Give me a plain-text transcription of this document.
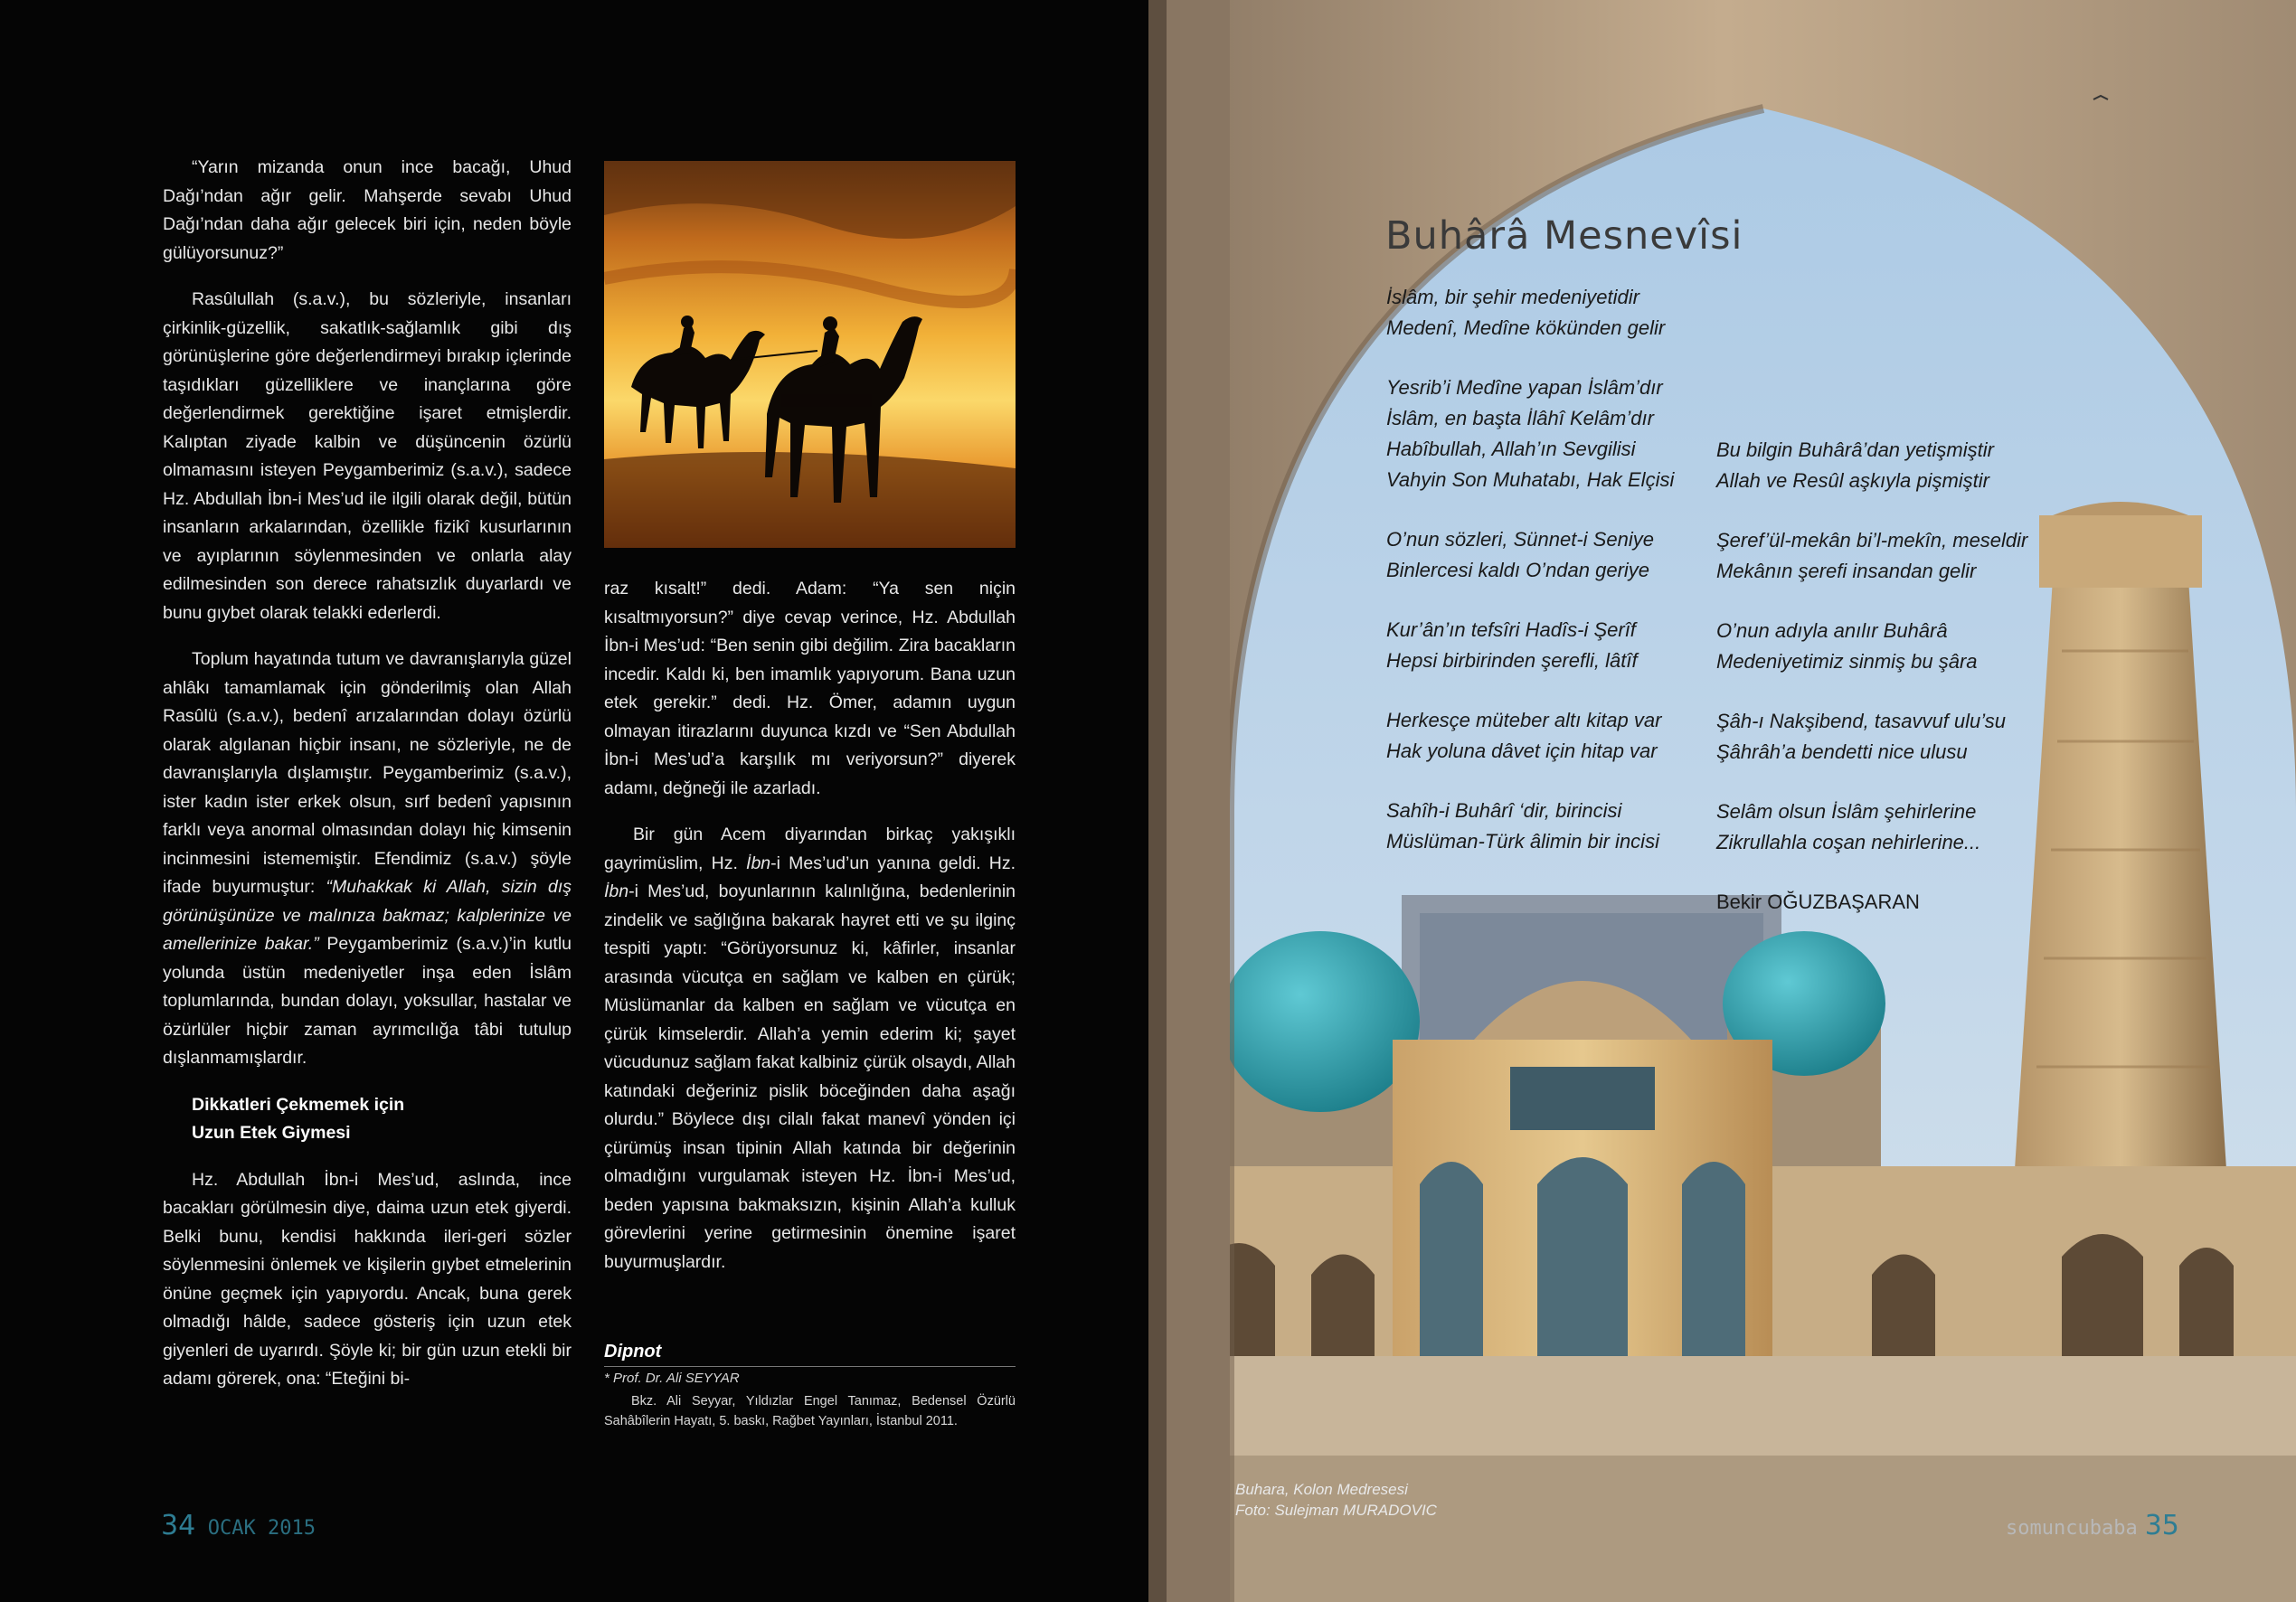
“Yarın mizanda onun ince bacağı, Uhud Dağı’ndan ağır gelir. Mahşerde sevabı Uhud Dağı’ndan daha ağır gelecek biri için, neden böyle gülüyorsunuz?”

Rasûlullah (s.a.v.), bu sözleriyle, insanları çirkinlik-güzellik, sakatlık-sağlamlık gibi dış görünüşlerine göre değerlendirmeyi bırakıp içlerinde taşıdıkları güzelliklere ve inançlarına göre değerlendirmek gerektiğine işaret etmişlerdir. Kalıptan ziyade kalbin ve düşüncenin özürlü olmamasını isteyen Peygamberimiz (s.a.v.), sadece Hz. Abdullah İbn-i Mes’ud ile ilgili olarak değil, bütün insanların arkalarından, özellikle fizikî kusurlarının ve ayıplarının söylenmesinden ve onlarla alay edilmesinden son derece rahatsızlık duyarlardı ve bunu gıybet olarak telakki ederlerdi.

Toplum hayatında tutum ve davranışlarıyla güzel ahlâkı tamamlamak için gönderilmiş olan Allah Rasûlü (s.a.v.), bedenî arızalarından dolayı özürlü olarak algılanan hiçbir insanı, ne sözleriyle, ne de davranışlarıyla dışlamıştır. Peygamberimiz (s.a.v.), ister kadın ister erkek olsun, sırf bedenî yapısının farklı veya anormal olmasından dolayı hiç kimsenin incinmesini istememiştir. Efendimiz (s.a.v.) şöyle ifade buyurmuştur: “Muhakkak ki Allah, sizin dış görünüşünüze ve malınıza bakmaz; kalplerinize ve amellerinize bakar.” Peygamberimiz (s.a.v.)’in kutlu yolunda üstün medeniyetler inşa eden İslâm toplumlarında, bundan dolayı, yoksullar, hastalar ve özürlüler hiçbir zaman ayrımcılığa tâbi tutulup dışlanmamışlardır.

Dikkatleri Çekmemek için
Uzun Etek Giymesi

Hz. Abdullah İbn-i Mes’ud, aslında, ince bacakları görülmesin diye, daima uzun etek giyerdi. Belki bunu, kendisi hakkında ileri-geri sözler söylenmesini önlemek ve kişilerin gıybet etmelerinin önüne geçmek için yapıyordu. Ancak, buna gerek olmadığı hâlde, sadece gösteriş için uzun etek giyenleri de uyarırdı. Şöyle ki; bir gün uzun etekli bir adamı görerek, ona: “Eteğini bi-

raz kısalt!” dedi. Adam: “Ya sen niçin kısaltmıyorsun?” diye cevap verince, Hz. Abdullah İbn-i Mes’ud: “Ben senin gibi değilim. Zira bacakların incedir. Kaldı ki, ben imamlık yapıyorum. Bana uzun etek gerekir.” dedi. Hz. Ömer, adamın uygun olmayan itirazlarını duyunca kızdı ve “Sen Abdullah İbn-i Mes’ud’a karşılık mı veriyorsun?” diyerek adamı, değneği ile azarladı.

Bir gün Acem diyarından birkaç yakışıklı gayrimüslim, Hz. İbn-i Mes’ud’un yanına geldi. Hz. İbn-i Mes’ud, boyunlarının kalınlığına, bedenlerinin zindelik ve sağlığına bakarak hayret etti ve şu ilginç tespiti yaptı: “Görüyorsunuz ki, kâfirler, insanlar arasında vücutça en sağlam ve kalben en çürük; Müslümanlar da kalben en sağlam ve vücutça en çürük kimselerdir. Allah’a yemin ederim ki; şayet vücudunuz sağlam fakat kalbiniz çürük olsaydı, Allah katındaki değeriniz pislik böceğinden daha aşağı olurdu.” Böylece dışı cilalı fakat manevî yönden içi çürümüş insan tipinin Allah katında bir değerinin olmadığını vurgulamak isteyen Hz. İbn-i Mes’ud, beden yapısına bakmaksızın, kişinin Allah’a kulluk görevlerini yerine getirmesinin önemine işaret buyurmuşlardır.

Dipnot
* Prof. Dr. Ali SEYYAR
Bkz. Ali Seyyar, Yıldızlar Engel Tanımaz, Bedensel Özürlü Sahâbîlerin Hayatı, 5. baskı, Rağbet Yayınları, İstanbul 2011.
34 OCAK 2015
Buhârâ Mesnevîsi
İslâm, bir şehir medeniyetidir
Medenî, Medîne kökünden gelir
Yesrib’i Medîne yapan İslâm’dır
İslâm, en başta İlâhî Kelâm’dır
Habîbullah, Allah’ın Sevgilisi
Vahyin Son Muhatabı, Hak Elçisi
O’nun sözleri, Sünnet-i Seniye
Binlercesi kaldı O’ndan geriye
Kur’ân’ın tefsîri Hadîs-i Şerîf
Hepsi birbirinden şerefli, lâtîf
Herkesçe müteber altı kitap var
Hak yoluna dâvet için hitap var
Sahîh-i Buhârî ‘dir, birincisi
Müslüman-Türk âlimin bir incisi
Bu bilgin Buhârâ’dan yetişmiştir
Allah ve Resûl aşkıyla pişmiştir
Şeref’ül-mekân bi’l-mekîn, meseldir
Mekânın şerefi insandan gelir
O’nun adıyla anılır Buhârâ
Medeniyetimiz sinmiş bu şâra
Şâh-ı Nakşibend, tasavvuf ulu’su
Şâhrâh’a bendetti nice ulusu
Selâm olsun İslâm şehirlerine
Zikrullahla coşan nehirlerine...
Bekir OĞUZBAŞARAN
Buhara, Kolon Medresesi
Foto: Sulejman MURADOVIC
somuncubaba 35
